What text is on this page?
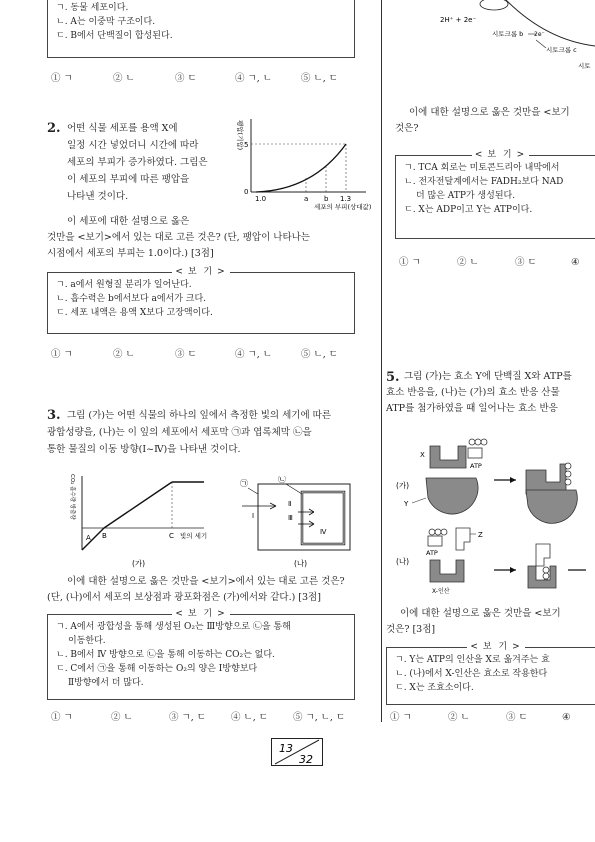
ㄱ. 동물 세포이다.

ㄴ. A는 이중막 구조이다.

ㄷ. B에서 단백질이 합성된다.

① ㄱ	② ㄴ	③ ㄷ	④ ㄱ, ㄴ	⑤ ㄴ, ㄷ
2. 어떤 식물 세포를 용액 X에
일정 시간 넣었더니 시간에 따라
세포의 부피가 증가하였다. 그림은
이 세포의 부피에 따른 팽압을
나타낸 것이다.
팽압(기압) 5
0
1.0	a b 1.3
세포의 부피(상대값)
이 세포에 대한 설명으로 옳은
것만을 <보기>에서 있는 대로 고른 것은? (단, 팽압이 나타나는
시점에서 세포의 부피는 1.0이다.) [3점]
< 보 기 >

ㄱ. a에서 원형질 분리가 일어난다.

ㄴ. 흡수력은 b에서보다 a에서가 크다.

ㄷ. 세포 내액은 용액 X보다 고장액이다.

① ㄱ	② ㄴ	③ ㄷ	④ ㄱ, ㄴ	⑤ ㄴ, ㄷ
3. 그림 (가)는 어떤 식물의 하나의 잎에서 측정한 빛의 세기에 따른
광합성량을, (나)는 이 잎의 세포에서 세포막 ㉠과 엽록체막 ㉡을
통한 물질의 이동 방향(Ⅰ~Ⅳ)을 나타낸 것이다.
CO₂ 흡수량 방출량
A B	C 빛의 세기
(가)
㉠	㉡
Ⅰ
Ⅱ
Ⅲ
Ⅳ
(나)
이에 대한 설명으로 옳은 것만을 <보기>에서 있는 대로 고른 것은?
(단, (나)에서 세포의 보상점과 광포화점은 (가)에서와 같다.) [3점]
< 보 기 >

ㄱ. A에서 광합성을 통해 생성된 O₂는 Ⅲ방향으로 ㉡을 통해

이동한다.

ㄴ. B에서 Ⅳ 방향으로 ㉡을 통해 이동하는 CO₂는 없다.

ㄷ. C에서 ㉠을 통해 이동하는 O₂의 양은 Ⅰ방향보다

Ⅱ방향에서 더 많다.

① ㄱ	② ㄴ	③ ㄱ, ㄷ	④ ㄴ, ㄷ	⑤ ㄱ, ㄴ, ㄷ
2H⁺ + 2e⁻
시토크롬 b 2e⁻
시토크롬 c
시토
이에 대한 설명으로 옳은 것만을 <보기
것은?
< 보 기 >

ㄱ. TCA 회로는 미토콘드리아 내막에서

ㄴ. 전자전달계에서는 FADH₂보다 NAD

더 많은 ATP가 생성된다.

ㄷ. X는 ADP이고 Y는 ATP이다.

① ㄱ	② ㄴ	③ ㄷ	④
5. 그림 (가)는 효소 Y에 단백질 X와 ATP를
효소 반응을, (나)는 (가)의 효소 반응 산물
ATP를 첨가하였을 때 일어나는 효소 반응
X
ATP
(가)
Y
ATP
Z
(나)
X-인산
이에 대한 설명으로 옳은 것만을 <보기
것은? [3점]
< 보 기 >

ㄱ. Y는 ATP의 인산을 X로 옮겨주는 효

ㄴ. (나)에서 X-인산은 효소로 작용한다

ㄷ. X는 조효소이다.

① ㄱ	② ㄴ	③ ㄷ	④
13
32
